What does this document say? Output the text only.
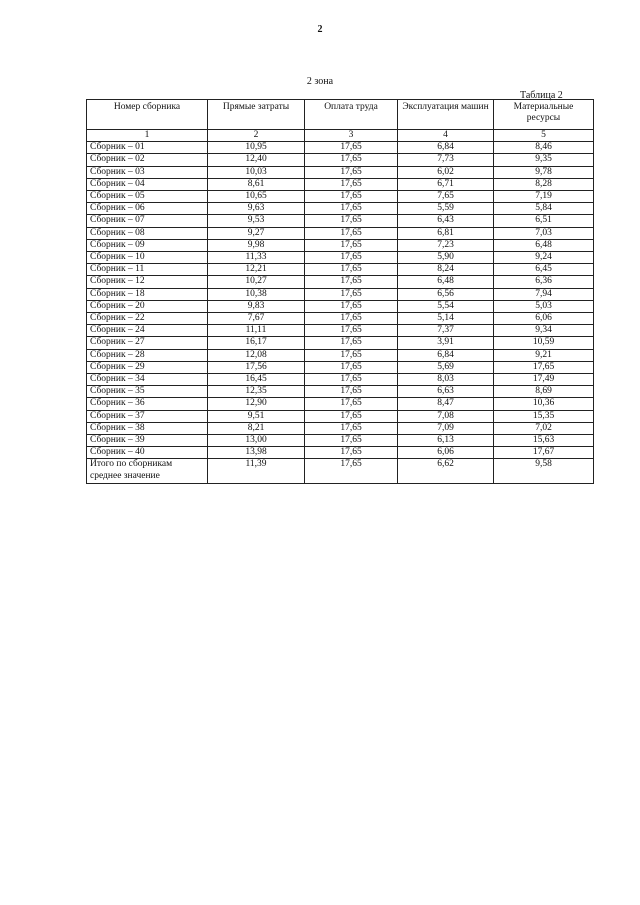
2
2 зона
Таблица 2
Номер сборника	Прямые затраты	Оплата труда	Эксплуатация машин	Материальные ресурсы
1	2	3	4	5
Сборник – 01	10,95	17,65	6,84	8,46
Сборник – 02	12,40	17,65	7,73	9,35
Сборник – 03	10,03	17,65	6,02	9,78
Сборник – 04	8,61	17,65	6,71	8,28
Сборник – 05	10,65	17,65	7,65	7,19
Сборник – 06	9,63	17,65	5,59	5,84
Сборник – 07	9,53	17,65	6,43	6,51
Сборник – 08	9,27	17,65	6,81	7,03
Сборник – 09	9,98	17,65	7,23	6,48
Сборник – 10	11,33	17,65	5,90	9,24
Сборник – 11	12,21	17,65	8,24	6,45
Сборник – 12	10,27	17,65	6,48	6,36
Сборник – 18	10,38	17,65	6,56	7,94
Сборник – 20	9,83	17,65	5,54	5,03
Сборник – 22	7,67	17,65	5,14	6,06
Сборник – 24	11,11	17,65	7,37	9,34
Сборник – 27	16,17	17,65	3,91	10,59
Сборник – 28	12,08	17,65	6,84	9,21
Сборник – 29	17,56	17,65	5,69	17,65
Сборник – 34	16,45	17,65	8,03	17,49
Сборник – 35	12,35	17,65	6,63	8,69
Сборник – 36	12,90	17,65	8,47	10,36
Сборник – 37	9,51	17,65	7,08	15,35
Сборник – 38	8,21	17,65	7,09	7,02
Сборник – 39	13,00	17,65	6,13	15,63
Сборник – 40	13,98	17,65	6,06	17,67
Итого по сборникам среднее значение	11,39	17,65	6,62	9,58
